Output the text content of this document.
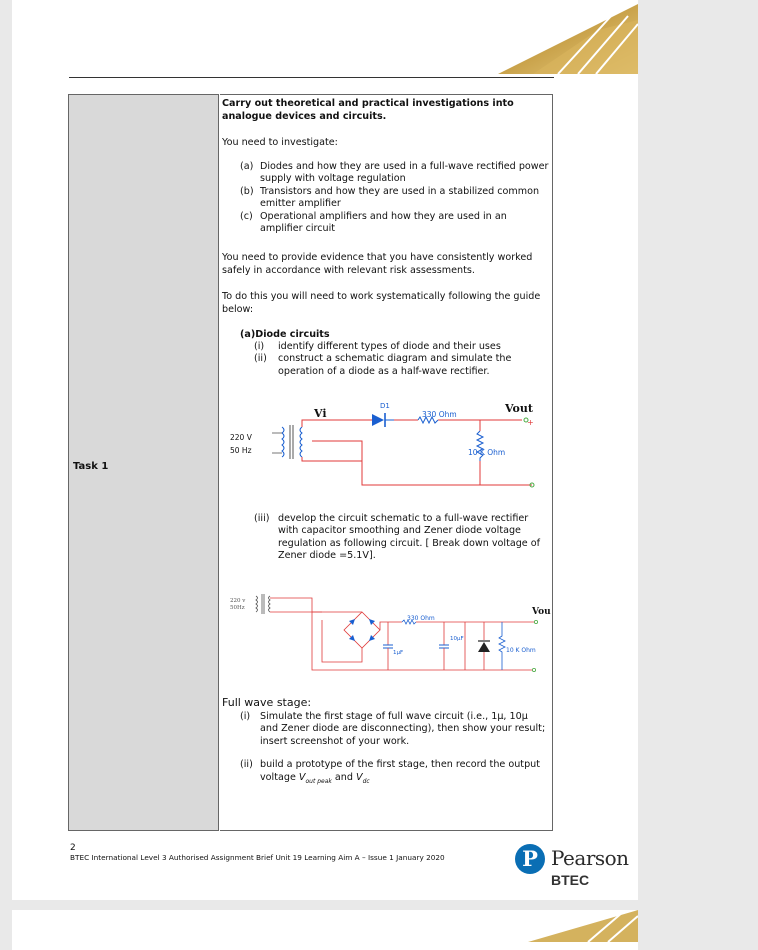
Task 1

Carry out theoretical and practical investigations into analogue devices and circuits.

You need to investigate:

(a) Diodes and how they are used in a full-wave rectified power supply with voltage regulation
(b) Transistors and how they are used in a stabilized common emitter amplifier
(c) Operational amplifiers and how they are used in an amplifier circuit

You need to provide evidence that you have consistently worked safely in accordance with relevant risk assessments.

To do this you will need to work systematically following the guide below:

(a)Diode circuits

(i) identify different types of diode and their uses
(ii) construct a schematic diagram and simulate the operation of a diode as a half-wave rectifier.
Vi
D1
330 Ohm	Vout
+
220 V
50 Hz	10 K Ohm
(iii) develop the circuit schematic to a full-wave rectifier with capacitor smoothing and Zener diode voltage regulation as following circuit. [ Break down voltage of Zener diode =5.1V].
220 v
50Hz	Vou
330 Ohm
1µF
10µF
10 K Ohm

Full wave stage:

(i) Simulate the first stage of full wave circuit (i.e., 1µ, 10µ and Zener diode are disconnecting), then show your result; insert screenshot of your work.
(ii) build a prototype of the first stage, then record the output voltage $V_{out peak}$ and $V_{dc}$
2
BTEC International Level 3 Authorised Assignment Brief Unit 19 Learning Aim A – Issue 1 January 2020	P Pearson
BTEC
